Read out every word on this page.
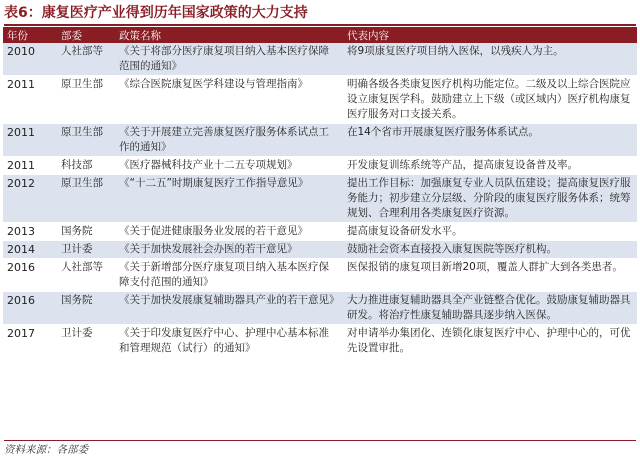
表6：康复医疗产业得到历年国家政策的大力支持
年份	部委	政策名称	代表内容
2010	人社部等	《关于将部分医疗康复项目纳入基本医疗保障范围的通知》	将9项康复医疗项目纳入医保，以残疾人为主。
2011	原卫生部	《综合医院康复医学科建设与管理指南》	明确各级各类康复医疗机构功能定位。二级及以上综合医院应设立康复医学科。鼓励建立上下级（或区域内）医疗机构康复医疗服务对口支援关系。
2011	原卫生部	《关于开展建立完善康复医疗服务体系试点工作的通知》	在14个省市开展康复医疗服务体系试点。
2011	科技部	《医疗器械科技产业十二五专项规划》	开发康复训练系统等产品，提高康复设备普及率。
2012	原卫生部	《“十二五”时期康复医疗工作指导意见》	提出工作目标：加强康复专业人员队伍建设；提高康复医疗服务能力；初步建立分层级、分阶段的康复医疗服务体系；统筹规划、合理利用各类康复医疗资源。
2013	国务院	《关于促进健康服务业发展的若干意见》	提高康复设备研发水平。
2014	卫计委	《关于加快发展社会办医的若干意见》	鼓励社会资本直接投入康复医院等医疗机构。
2016	人社部等	《关于新增部分医疗康复项目纳入基本医疗保障支付范围的通知》	医保报销的康复项目新增20项，覆盖人群扩大到各类患者。
2016	国务院	《关于加快发展康复辅助器具产业的若干意见》	大力推进康复辅助器具全产业链整合优化。鼓励康复辅助器具研发。将治疗性康复辅助器具逐步纳入医保。
2017	卫计委	《关于印发康复医疗中心、护理中心基本标准和管理规范（试行）的通知》	对申请举办集团化、连锁化康复医疗中心、护理中心的，可优先设置审批。
资料来源：各部委
